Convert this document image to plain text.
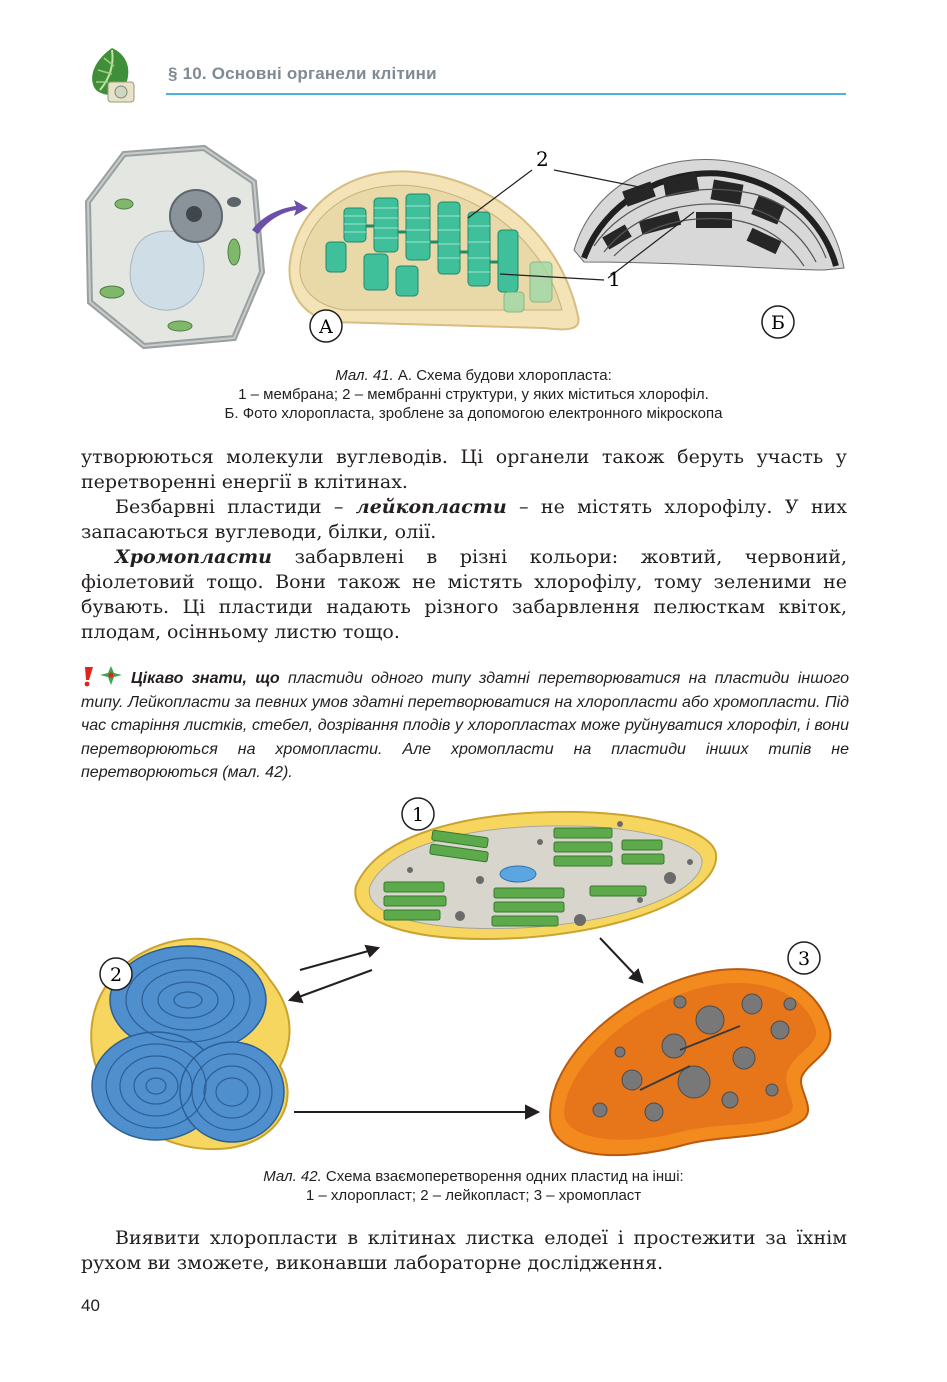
§ 10. Основні органели клітини
2
1
А	Б
Мал. 41. А. Схема будови хлоропласта:
1 – мембрана; 2 – мембранні структури, у яких міститься хлорофіл.
Б. Фото хлоропласта, зроблене за допомогою електронного мікроскопа
утворюються молекули вуглеводів. Ці органели також беруть участь у перетворенні енергії в клітинах.
Безбарвні пластиди – лейкопласти – не містять хлорофілу. У них запасаються вуглеводи, білки, олії.
Хромопласти забарвлені в різні кольори: жовтий, червоний, фіолетовий тощо. Вони також не містять хлорофілу, тому зеленими не бувають. Ці пластиди надають різного забарвлення пелюсткам квіток, плодам, осінньому листю тощо.
Цікаво знати, що пластиди одного типу здатні перетворюватися на пластиди іншого типу. Лейкопласти за певних умов здатні перетворюватися на хлоропласти або хромопласти. Під час старіння листків, стебел, дозрівання плодів у хлоропластах може руйнуватися хлорофіл, і вони перетворюються на хромопласти. Але хромопласти на пластиди інших типів не перетворюються (мал. 42).
1
2
3
Мал. 42. Схема взаємоперетворення одних пластид на інші:
1 – хлоропласт; 2 – лейкопласт; 3 – хромопласт
Виявити хлоропласти в клітинах листка елодеї і простежити за їхнім рухом ви зможете, виконавши лабораторне дослідження.
40
